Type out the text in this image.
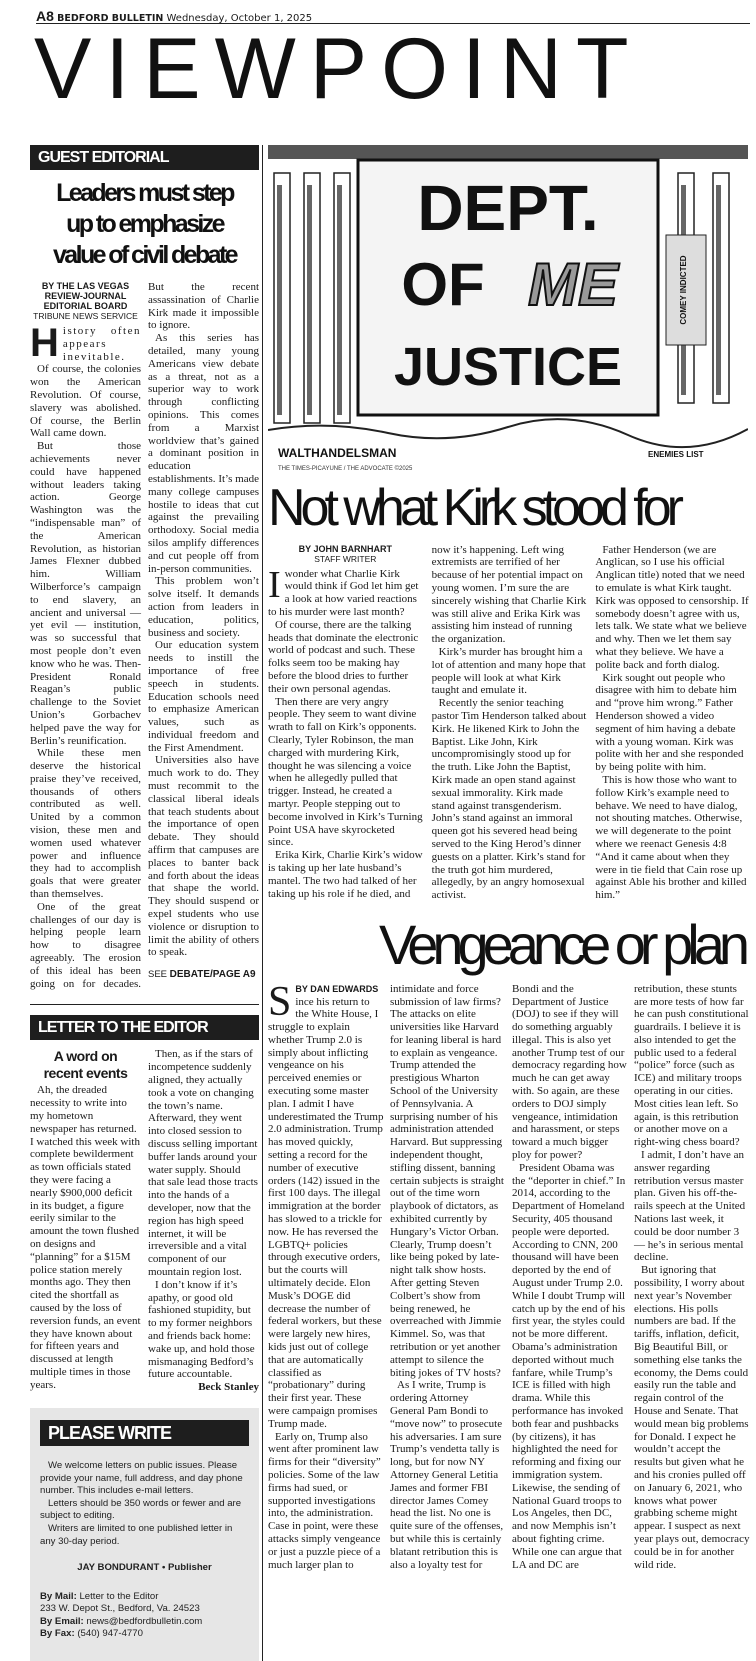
A8 BEDFORD BULLETIN Wednesday, October 1, 2025
VIEWPOINT
GUEST EDITORIAL
Leaders must step
up to emphasize
value of civil debate
BY THE LAS VEGAS
REVIEW-JOURNAL
EDITORIAL BOARD
TRIBUNE NEWS SERVICE

History often appears inevitable.

Of course, the colonies won the American Revolution. Of course, slavery was abolished. Of course, the Berlin Wall came down.

But those achievements never could have happened without leaders taking action. George Washington was the “indispensable man” of the American Revolution, as historian James Flexner dubbed him. William Wilberforce’s campaign to end slavery, an ancient and universal — yet evil — institution, was so successful that most people don’t even know who he was. Then-President Ronald Reagan’s public challenge to the Soviet Union’s Gorbachev helped pave the way for Berlin’s reunification.

While these men deserve the historical praise they’ve received, thousands of others contributed as well. United by a common vision, these men and women used whatever power and influence they had to accomplish goals that were greater than themselves.

One of the great challenges of our day is helping people learn how to disagree agreeably. The erosion of this ideal has been going on for decades. But the recent assassination of Charlie Kirk made it impossible to ignore.

As this series has detailed, many young Americans view debate as a threat, not as a superior way to work through conflicting opinions. This comes from a Marxist worldview that’s gained a dominant position in education establishments. It’s made many college campuses hostile to ideas that cut against the prevailing orthodoxy. Social media silos amplify differences and cut people off from in-person communities.

This problem won’t solve itself. It demands action from leaders in education, politics, business and society.

Our education system needs to instill the importance of free speech in students. Education schools need to emphasize American values, such as individual freedom and the First Amendment.

Universities also have much work to do. They must recommit to the classical liberal ideals that teach students about the importance of open debate. They should affirm that campuses are places to banter back and forth about the ideas that shape the world. They should suspend or expel students who use violence or disruption to limit the ability of others to speak.

SEE DEBATE/PAGE A9

LETTER TO THE EDITOR
A word on
recent events

Ah, the dreaded necessity to write into my hometown newspaper has returned. I watched this week with complete bewilderment as town officials stated they were facing a nearly $900,000 deficit in its budget, a figure eerily similar to the amount the town flushed on designs and “planning” for a $15M police station merely months ago. They then cited the shortfall as caused by the loss of reversion funds, an event they have known about for fifteen years and discussed at length multiple times in those years.

Then, as if the stars of incompetence suddenly aligned, they actually took a vote on changing the town’s name. Afterward, they went into closed session to discuss selling important buffer lands around your water supply. Should that sale lead those tracts into the hands of a developer, now that the region has high speed internet, it will be irreversible and a vital component of our mountain region lost.

I don’t know if it’s apathy, or good old fashioned stupidity, but to my former neighbors and friends back home: wake up, and hold those mismanaging Bedford’s future accountable.

Beck Stanley

PLEASE WRITE

We welcome letters on public issues. Please provide your name, full address, and day phone number. This includes e-mail letters.

Letters should be 350 words or fewer and are subject to editing.

Writers are limited to one published letter in any 30-day period.

JAY BONDURANT • Publisher

By Mail: Letter to the Editor

233 W. Depot St., Bedford, Va. 24523

By Email: news@bedfordbulletin.com

By Fax: (540) 947-4770

DEPT.
OF ME
JUSTICE
COMEY INDICTED
ENEMIES LIST
WALTHANDELSMAN
THE TIMES-PICAYUNE / THE ADVOCATE ©2025
Not what Kirk stood for
BY JOHN BARNHART
STAFF WRITER

Iwonder what Charlie Kirk would think if God let him get a look at how varied reactions to his murder were last month?

Of course, there are the talking heads that dominate the electronic world of podcast and such. These folks seem too be making hay before the blood dries to further their own personal agendas.

Then there are very angry people. They seem to want divine wrath to fall on Kirk’s opponents. Clearly, Tyler Robinson, the man charged with murdering Kirk, thought he was silencing a voice when he allegedly pulled that trigger. Instead, he created a martyr. People stepping out to become involved in Kirk’s Turning Point USA have skyrocketed since.

Erika Kirk, Charlie Kirk’s widow is taking up her late husband’s mantel. The two had talked of her taking up his role if he died, and now it’s happening. Left wing extremists are terrified of her because of her potential impact on young women. I’m sure the are sincerely wishing that Charlie Kirk was still alive and Erika Kirk was assisting him instead of running the organization.

Kirk’s murder has brought him a lot of attention and many hope that people will look at what Kirk taught and emulate it.

Recently the senior teaching pastor Tim Henderson talked about Kirk. He likened Kirk to John the Baptist. Like John, Kirk uncompromisingly stood up for the truth. Like John the Baptist, Kirk made an open stand against sexual immorality. Kirk made stand against transgenderism. John’s stand against an immoral queen got his severed head being served to the King Herod’s dinner guests on a platter. Kirk’s stand for the truth got him murdered, allegedly, by an angry homosexual activist.

Father Henderson (we are Anglican, so I use his official Anglican title) noted that we need to emulate is what Kirk taught. Kirk was opposed to censorship. If somebody doesn’t agree with us, lets talk. We state what we believe and why. Then we let them say what they believe. We have a polite back and forth dialog.

Kirk sought out people who disagree with him to debate him and “prove him wrong.” Father Henderson showed a video segment of him having a debate with a young woman. Kirk was polite with her and she responded by being polite with him.

This is how those who want to follow Kirk’s example need to behave. We need to have dialog, not shouting matches. Otherwise, we will degenerate to the point where we reenact Genesis 4:8 “And it came about when they were in tie field that Cain rose up against Able his brother and killed him.”

Vengeance or plan

S BY DAN EDWARDS
ince his return to the White House, I struggle to explain whether Trump 2.0 is simply about inflicting vengeance on his perceived enemies or executing some master plan. I admit I have underestimated the Trump 2.0 administration. Trump has moved quickly, setting a record for the number of executive orders (142) issued in the first 100 days. The illegal immigration at the border has slowed to a trickle for now. He has reversed the LGBTQ+ policies through executive orders, but the courts will ultimately decide. Elon Musk’s DOGE did decrease the number of federal workers, but these were largely new hires, kids just out of college that are automatically classified as “probationary” during their first year. These were campaign promises Trump made.

Early on, Trump also went after prominent law firms for their “diversity” policies. Some of the law firms had sued, or supported investigations into, the administration. Case in point, were these attacks simply vengeance or just a puzzle piece of a much larger plan to intimidate and force submission of law firms? The attacks on elite universities like Harvard for leaning liberal is hard to explain as vengeance. Trump attended the prestigious Wharton School of the University of Pennsylvania. A surprising number of his administration attended Harvard. But suppressing independent thought, stifling dissent, banning certain subjects is straight out of the time worn playbook of dictators, as exhibited currently by Hungary’s Victor Orban. Clearly, Trump doesn’t like being poked by late-night talk show hosts. After getting Steven Colbert’s show from being renewed, he overreached with Jimmie Kimmel. So, was that retribution or yet another attempt to silence the biting jokes of TV hosts?

As I write, Trump is ordering Attorney General Pam Bondi to “move now” to prosecute his adversaries. I am sure Trump’s vendetta tally is long, but for now NY Attorney General Letitia James and former FBI director James Comey head the list. No one is quite sure of the offenses, but while this is certainly blatant retribution this is also a loyalty test for Bondi and the Department of Justice (DOJ) to see if they will do something arguably illegal. This is also yet another Trump test of our democracy regarding how much he can get away with. So again, are these orders to DOJ simply vengeance, intimidation and harassment, or steps toward a much bigger ploy for power?

President Obama was the “deporter in chief.” In 2014, according to the Department of Homeland Security, 405 thousand people were deported. According to CNN, 200 thousand will have been deported by the end of August under Trump 2.0. While I doubt Trump will catch up by the end of his first year, the styles could not be more different. Obama’s administration deported without much fanfare, while Trump’s ICE is filled with high drama. While this performance has invoked both fear and pushbacks (by citizens), it has highlighted the need for reforming and fixing our immigration system. Likewise, the sending of National Guard troops to Los Angeles, then DC, and now Memphis isn’t about fighting crime. While one can argue that LA and DC are retribution, these stunts are more tests of how far he can push constitutional guardrails. I believe it is also intended to get the public used to a federal “police” force (such as ICE) and military troops operating in our cities. Most cities lean left. So again, is this retribution or another move on a right-wing chess board?

I admit, I don’t have an answer regarding retribution versus master plan. Given his off-the-rails speech at the United Nations last week, it could be door number 3 — he’s in serious mental decline.

But ignoring that possibility, I worry about next year’s November elections. His polls numbers are bad. If the tariffs, inflation, deficit, Big Beautiful Bill, or something else tanks the economy, the Dems could easily run the table and regain control of the House and Senate. That would mean big problems for Donald. I expect he wouldn’t accept the results but given what he and his cronies pulled off on January 6, 2021, who knows what power grabbing scheme might appear. I suspect as next year plays out, democracy could be in for another wild ride.
